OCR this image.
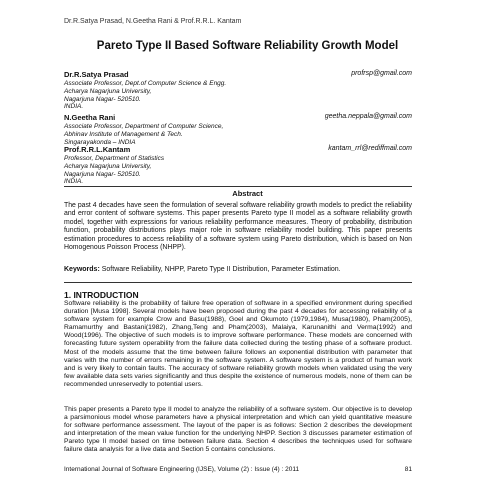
Dr.R.Satya Prasad, N.Geetha Rani & Prof.R.R.L. Kantam
Pareto Type II Based Software Reliability Growth Model
Dr.R.Satya Prasad	profrsp@gmail.com
Associate Professor, Dept.of Computer Science & Engg.
Acharya Nagarjuna University,
Nagarjuna Nagar- 520510.
INDIA.
N.Geetha Rani	geetha.neppala@gmail.com
Associate Professor, Department of Computer Science,
Abhinav Institute of Management & Tech.
Singarayakonda – INDIA
Prof.R.R.L.Kantam	kantam_rrl@rediffmail.com
Professor, Department of Statistics
Acharya Nagarjuna University,
Nagarjuna Nagar- 520510.
INDIA.
Abstract
The past 4 decades have seen the formulation of several software reliability growth models to predict the reliability and error content of software systems. This paper presents Pareto type II model as a software reliability growth model, together with expressions for various reliability performance measures. Theory of probability, distribution function, probability distributions plays major role in software reliability model building. This paper presents estimation procedures to access reliability of a software system using Pareto distribution, which is based on Non Homogenous Poisson Process (NHPP).
Keywords: Software Reliability, NHPP, Pareto Type II Distribution, Parameter Estimation.
1. INTRODUCTION
Software reliability is the probability of failure free operation of software in a specified environment during specified duration [Musa 1998]. Several models have been proposed during the past 4 decades for accessing reliability of a software system for example Crow and Basu(1988), Goel and Okumoto (1979,1984), Musa(1980), Pham(2005), Ramamurthy and Bastani(1982), Zhang,Teng and Pham(2003), Malaiya, Karunanithi and Verma(1992) and Wood(1996). The objective of such models is to improve software performance. These models are concerned with forecasting future system operability from the failure data collected during the testing phase of a software product. Most of the models assume that the time between failure follows an exponential distribution with parameter that varies with the number of errors remaining in the software system. A software system is a product of human work and is very likely to contain faults. The accuracy of software reliability growth models when validated using the very few available data sets varies significantly and thus despite the existence of numerous models, none of them can be recommended unreservedly to potential users.
This paper presents a Pareto type II model to analyze the reliability of a software system. Our objective is to develop a parsimonious model whose parameters have a physical interpretation and which can yield quantitative measure for software performance assessment. The layout of the paper is as follows: Section 2 describes the development and interpretation of the mean value function for the underlying NHPP. Section 3 discusses parameter estimation of Pareto type II model based on time between failure data. Section 4 describes the techniques used for software failure data analysis for a live data and Section 5 contains conclusions.
International Journal of Software Engineering (IJSE), Volume (2) : Issue (4) : 2011	81
